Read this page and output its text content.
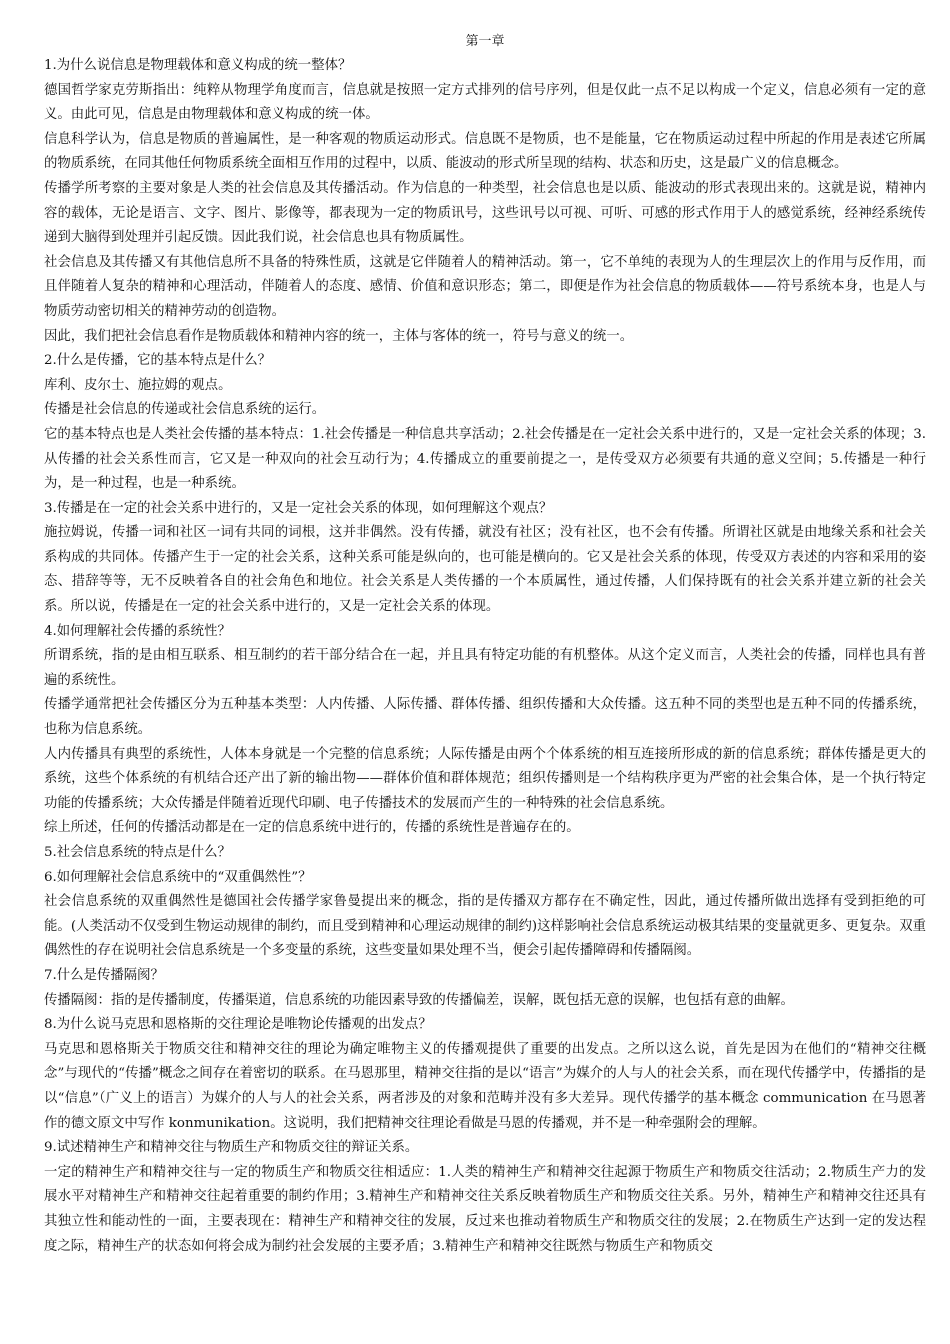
第一章

1.为什么说信息是物理载体和意义构成的统一整体？

德国哲学家克劳斯指出：纯粹从物理学角度而言，信息就是按照一定方式排列的信号序列，但是仅此一点不足以构成一个定义，信息必须有一定的意义。由此可见，信息是由物理载体和意义构成的统一体。

信息科学认为，信息是物质的普遍属性，是一种客观的物质运动形式。信息既不是物质，也不是能量，它在物质运动过程中所起的作用是表述它所属的物质系统，在同其他任何物质系统全面相互作用的过程中，以质、能波动的形式所呈现的结构、状态和历史，这是最广义的信息概念。

传播学所考察的主要对象是人类的社会信息及其传播活动。作为信息的一种类型，社会信息也是以质、能波动的形式表现出来的。这就是说，精神内容的载体，无论是语言、文字、图片、影像等，都表现为一定的物质讯号，这些讯号以可视、可听、可感的形式作用于人的感觉系统，经神经系统传递到大脑得到处理并引起反馈。因此我们说，社会信息也具有物质属性。

社会信息及其传播又有其他信息所不具备的特殊性质，这就是它伴随着人的精神活动。第一，它不单纯的表现为人的生理层次上的作用与反作用，而且伴随着人复杂的精神和心理活动，伴随着人的态度、感情、价值和意识形态；第二，即便是作为社会信息的物质载体——符号系统本身，也是人与物质劳动密切相关的精神劳动的创造物。

因此，我们把社会信息看作是物质载体和精神内容的统一，主体与客体的统一，符号与意义的统一。

2.什么是传播，它的基本特点是什么？

库利、皮尔士、施拉姆的观点。

传播是社会信息的传递或社会信息系统的运行。

它的基本特点也是人类社会传播的基本特点：1.社会传播是一种信息共享活动；2.社会传播是在一定社会关系中进行的，又是一定社会关系的体现；3.从传播的社会关系性而言，它又是一种双向的社会互动行为；4.传播成立的重要前提之一，是传受双方必须要有共通的意义空间；5.传播是一种行为，是一种过程，也是一种系统。

3.传播是在一定的社会关系中进行的，又是一定社会关系的体现，如何理解这个观点？

施拉姆说，传播一词和社区一词有共同的词根，这并非偶然。没有传播，就没有社区；没有社区，也不会有传播。所谓社区就是由地缘关系和社会关系构成的共同体。传播产生于一定的社会关系，这种关系可能是纵向的，也可能是横向的。它又是社会关系的体现，传受双方表述的内容和采用的姿态、措辞等等，无不反映着各自的社会角色和地位。社会关系是人类传播的一个本质属性，通过传播，人们保持既有的社会关系并建立新的社会关系。所以说，传播是在一定的社会关系中进行的，又是一定社会关系的体现。

4.如何理解社会传播的系统性？

所谓系统，指的是由相互联系、相互制约的若干部分结合在一起，并且具有特定功能的有机整体。从这个定义而言，人类社会的传播，同样也具有普遍的系统性。

传播学通常把社会传播区分为五种基本类型：人内传播、人际传播、群体传播、组织传播和大众传播。这五种不同的类型也是五种不同的传播系统，也称为信息系统。

人内传播具有典型的系统性，人体本身就是一个完整的信息系统；人际传播是由两个个体系统的相互连接所形成的新的信息系统；群体传播是更大的系统，这些个体系统的有机结合还产出了新的输出物——群体价值和群体规范；组织传播则是一个结构秩序更为严密的社会集合体，是一个执行特定功能的传播系统；大众传播是伴随着近现代印刷、电子传播技术的发展而产生的一种特殊的社会信息系统。

综上所述，任何的传播活动都是在一定的信息系统中进行的，传播的系统性是普遍存在的。

5.社会信息系统的特点是什么？

6.如何理解社会信息系统中的“双重偶然性”？

社会信息系统的双重偶然性是德国社会传播学家鲁曼提出来的概念，指的是传播双方都存在不确定性，因此，通过传播所做出选择有受到拒绝的可能。(人类活动不仅受到生物运动规律的制约，而且受到精神和心理运动规律的制约)这样影响社会信息系统运动极其结果的变量就更多、更复杂。双重偶然性的存在说明社会信息系统是一个多变量的系统，这些变量如果处理不当，便会引起传播障碍和传播隔阂。

7.什么是传播隔阂？

传播隔阂：指的是传播制度，传播渠道，信息系统的功能因素导致的传播偏差，误解，既包括无意的误解，也包括有意的曲解。

8.为什么说马克思和恩格斯的交往理论是唯物论传播观的出发点？

马克思和恩格斯关于物质交往和精神交往的理论为确定唯物主义的传播观提供了重要的出发点。之所以这么说，首先是因为在他们的“精神交往概念”与现代的“传播”概念之间存在着密切的联系。在马恩那里，精神交往指的是以“语言”为媒介的人与人的社会关系，而在现代传播学中，传播指的是以“信息”（广义上的语言）为媒介的人与人的社会关系，两者涉及的对象和范畴并没有多大差异。现代传播学的基本概念 communication 在马恩著作的德文原文中写作 konmunikation。这说明，我们把精神交往理论看做是马恩的传播观，并不是一种牵强附会的理解。

9.试述精神生产和精神交往与物质生产和物质交往的辩证关系。

一定的精神生产和精神交往与一定的物质生产和物质交往相适应：1.人类的精神生产和精神交往起源于物质生产和物质交往活动；2.物质生产力的发展水平对精神生产和精神交往起着重要的制约作用；3.精神生产和精神交往关系反映着物质生产和物质交往关系。另外，精神生产和精神交往还具有其独立性和能动性的一面，主要表现在：精神生产和精神交往的发展，反过来也推动着物质生产和物质交往的发展；2.在物质生产达到一定的发达程度之际，精神生产的状态如何将会成为制约社会发展的主要矛盾；3.精神生产和精神交往既然与物质生产和物质交
